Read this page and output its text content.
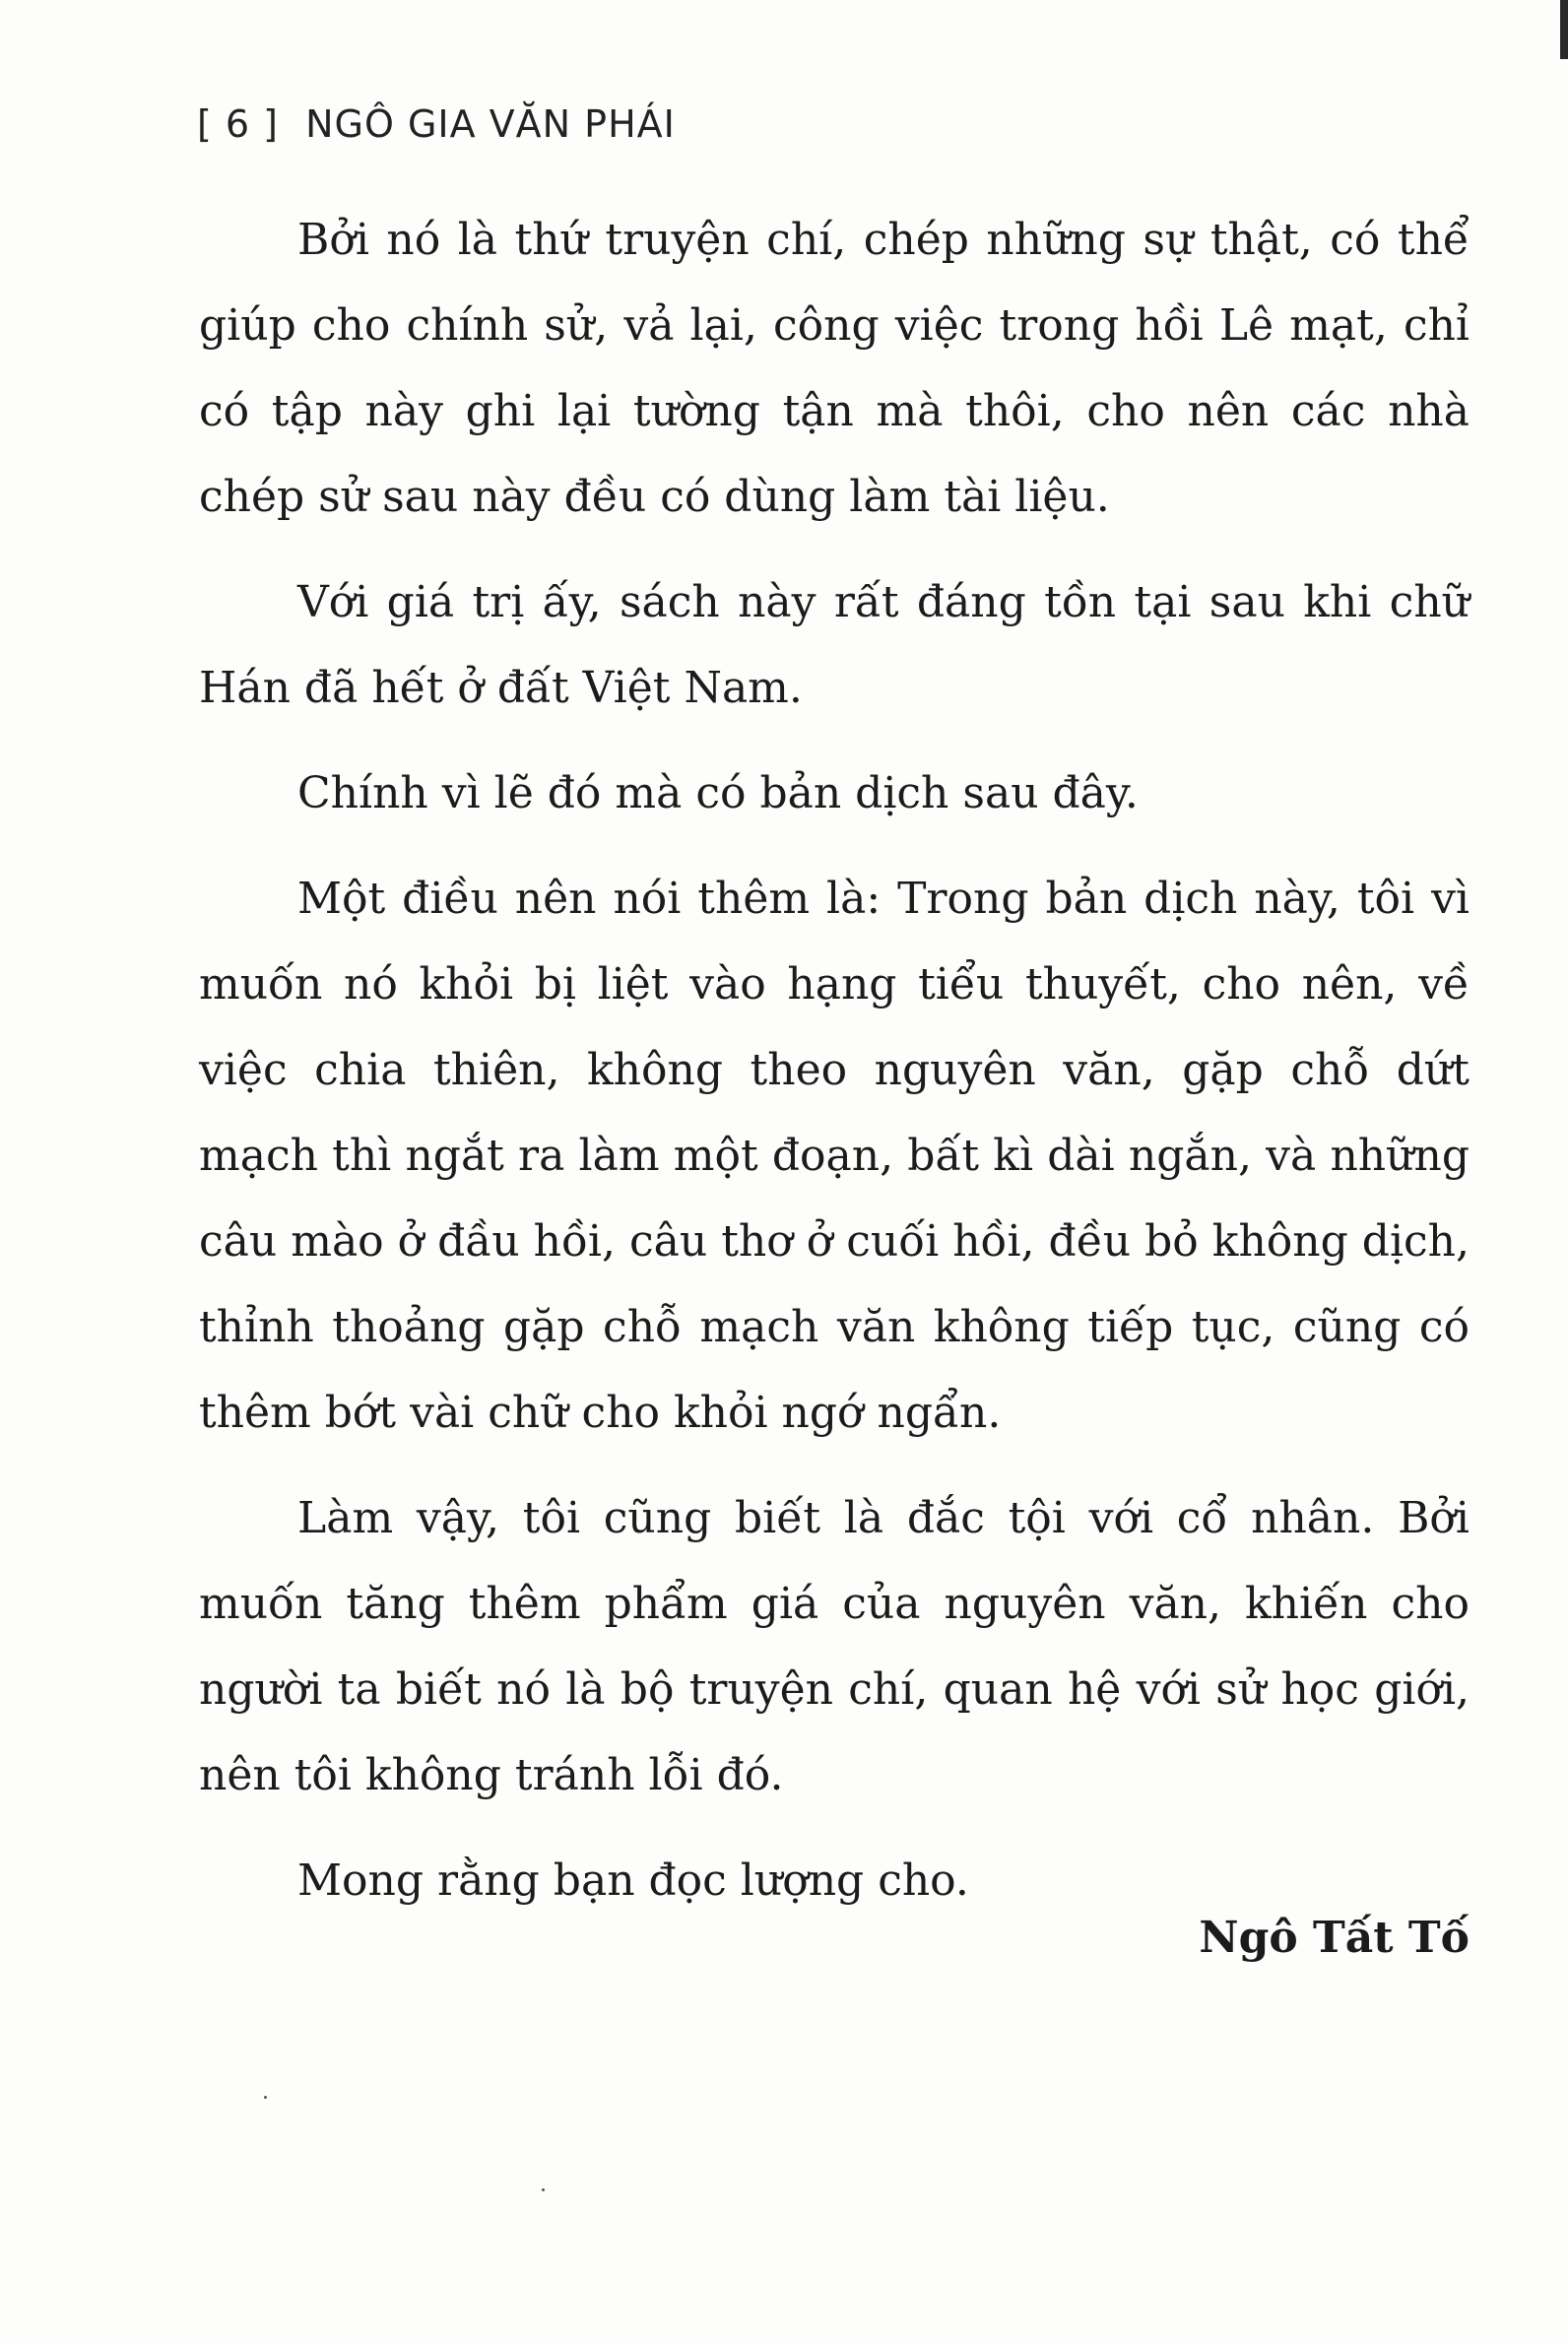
[ 6 ] NGÔ GIA VĂN PHÁI

Bởi nó là thứ truyện chí, chép những sự thật, có thể giúp cho chính sử, vả lại, công việc trong hồi Lê mạt, chỉ có tập này ghi lại tường tận mà thôi, cho nên các nhà chép sử sau này đều có dùng làm tài liệu.

Với giá trị ấy, sách này rất đáng tồn tại sau khi chữ Hán đã hết ở đất Việt Nam.

Chính vì lẽ đó mà có bản dịch sau đây.

Một điều nên nói thêm là: Trong bản dịch này, tôi vì muốn nó khỏi bị liệt vào hạng tiểu thuyết, cho nên, về việc chia thiên, không theo nguyên văn, gặp chỗ dứt mạch thì ngắt ra làm một đoạn, bất kì dài ngắn, và những câu mào ở đầu hồi, câu thơ ở cuối hồi, đều bỏ không dịch, thỉnh thoảng gặp chỗ mạch văn không tiếp tục, cũng có thêm bớt vài chữ cho khỏi ngớ ngẩn.

Làm vậy, tôi cũng biết là đắc tội với cổ nhân. Bởi muốn tăng thêm phẩm giá của nguyên văn, khiến cho người ta biết nó là bộ truyện chí, quan hệ với sử học giới, nên tôi không tránh lỗi đó.

Mong rằng bạn đọc lượng cho.

Ngô Tất Tố
